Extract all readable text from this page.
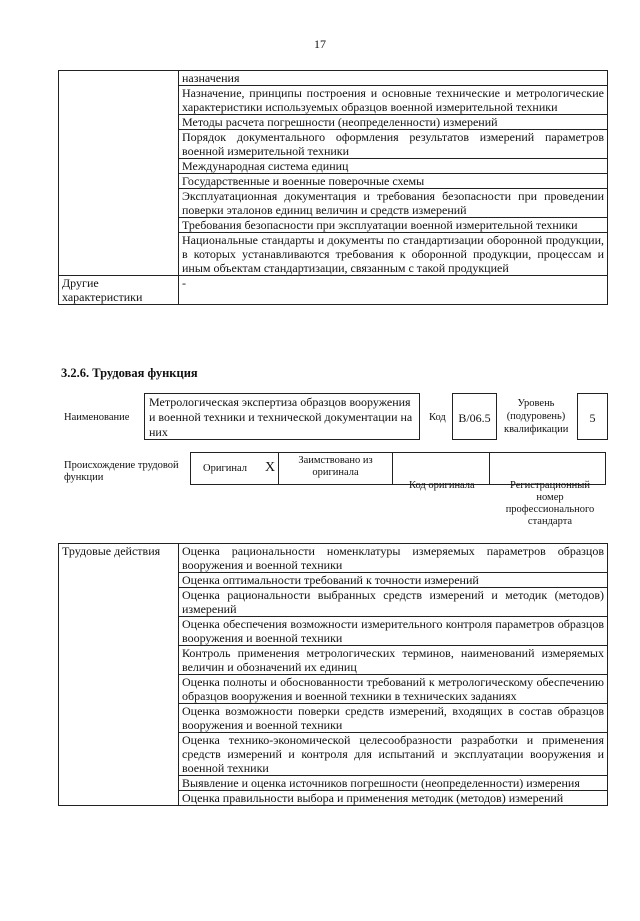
17
	назначения
	Назначение, принципы построения и основные технические и метрологические характеристики используемых образцов военной измерительной техники
	Методы расчета погрешности (неопределенности) измерений
	Порядок документального оформления результатов измерений параметров военной измерительной техники
	Международная система единиц
	Государственные и военные поверочные схемы
	Эксплуатационная документация и требования безопасности при проведении поверки эталонов единиц величин и средств измерений
	Требования безопасности при эксплуатации военной измерительной техники
	Национальные стандарты и документы по стандартизации оборонной продукции, в которых устанавливаются требования к оборонной продукции, процессам и иным объектам стандартизации, связанным с такой продукцией
Другие характеристики	-
3.2.6. Трудовая функция
Наименование
Метрологическая экспертиза образцов вооружения и военной техники и технической документации на них
Код	B/06.5
Уровень (подуровень) квалификации
5
Происхождение трудовой функции
Оригинал X	Заимствовано из оригинала
Код оригинала	Регистрационный номер профессионального стандарта
Трудовые действия	Оценка рациональности номенклатуры измеряемых параметров образцов вооружения и военной техники
Оценка оптимальности требований к точности измерений
Оценка рациональности выбранных средств измерений и методик (методов) измерений
Оценка обеспечения возможности измерительного контроля параметров образцов вооружения и военной техники
Контроль применения метрологических терминов, наименований измеряемых величин и обозначений их единиц
Оценка полноты и обоснованности требований к метрологическому обеспечению образцов вооружения и военной техники в технических заданиях
Оценка возможности поверки средств измерений, входящих в состав образцов вооружения и военной техники
Оценка технико-экономической целесообразности разработки и применения средств измерений и контроля для испытаний и эксплуатации вооружения и военной техники
Выявление и оценка источников погрешности (неопределенности) измерения
Оценка правильности выбора и применения методик (методов) измерений
